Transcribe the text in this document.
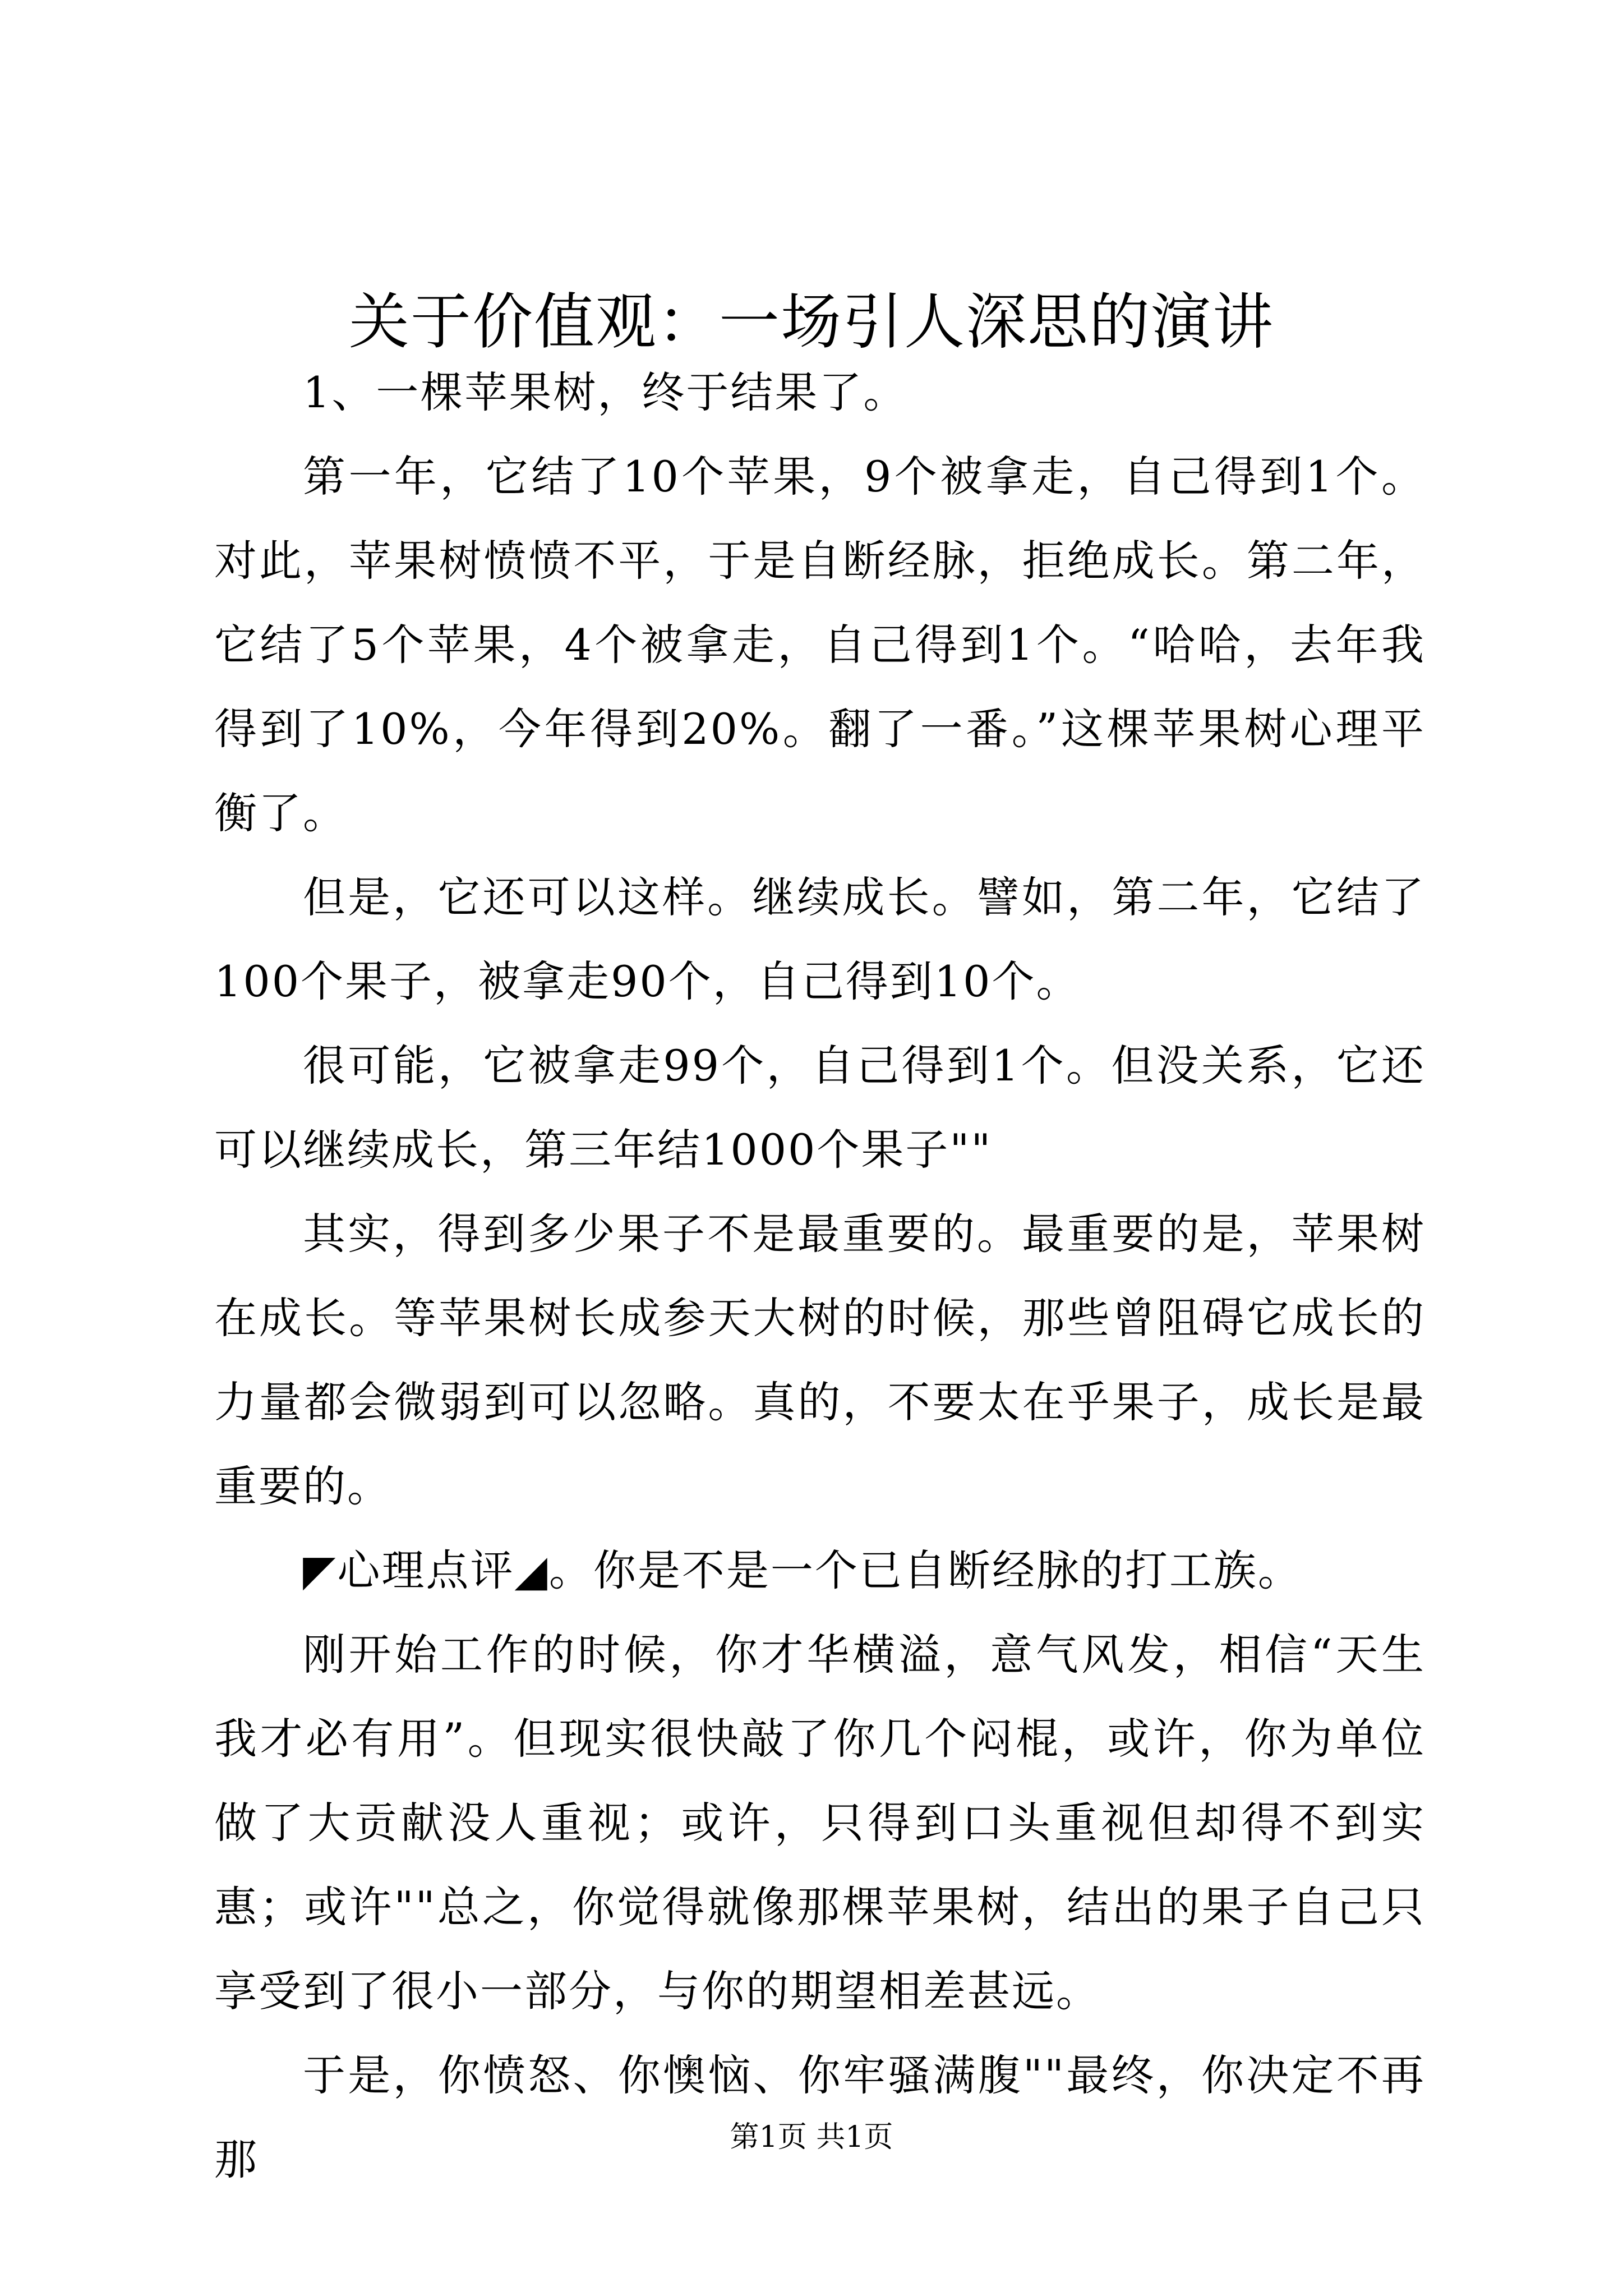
关于价值观：一场引人深思的演讲

1、一棵苹果树，终于结果了。

第一年，它结了10个苹果，9个被拿走，自己得到1个。对此，苹果树愤愤不平，于是自断经脉，拒绝成长。第二年，它结了5个苹果，4个被拿走，自己得到1个。“哈哈，去年我得到了10%，今年得到20%。翻了一番。”这棵苹果树心理平衡了。

但是，它还可以这样。继续成长。譬如，第二年，它结了100个果子，被拿走90个，自己得到10个。

很可能，它被拿走99个，自己得到1个。但没关系，它还可以继续成长，第三年结1000个果子""

其实，得到多少果子不是最重要的。最重要的是，苹果树在成长。等苹果树长成参天大树的时候，那些曾阻碍它成长的力量都会微弱到可以忽略。真的，不要太在乎果子，成长是最重要的。

◤心理点评◢。你是不是一个已自断经脉的打工族。

刚开始工作的时候，你才华横溢，意气风发，相信“天生我才必有用”。但现实很快敲了你几个闷棍，或许，你为单位做了大贡献没人重视；或许，只得到口头重视但却得不到实惠；或许""总之，你觉得就像那棵苹果树，结出的果子自己只享受到了很小一部分，与你的期望相差甚远。

于是，你愤怒、你懊恼、你牢骚满腹""最终，你决定不再那	第1页 共1页
